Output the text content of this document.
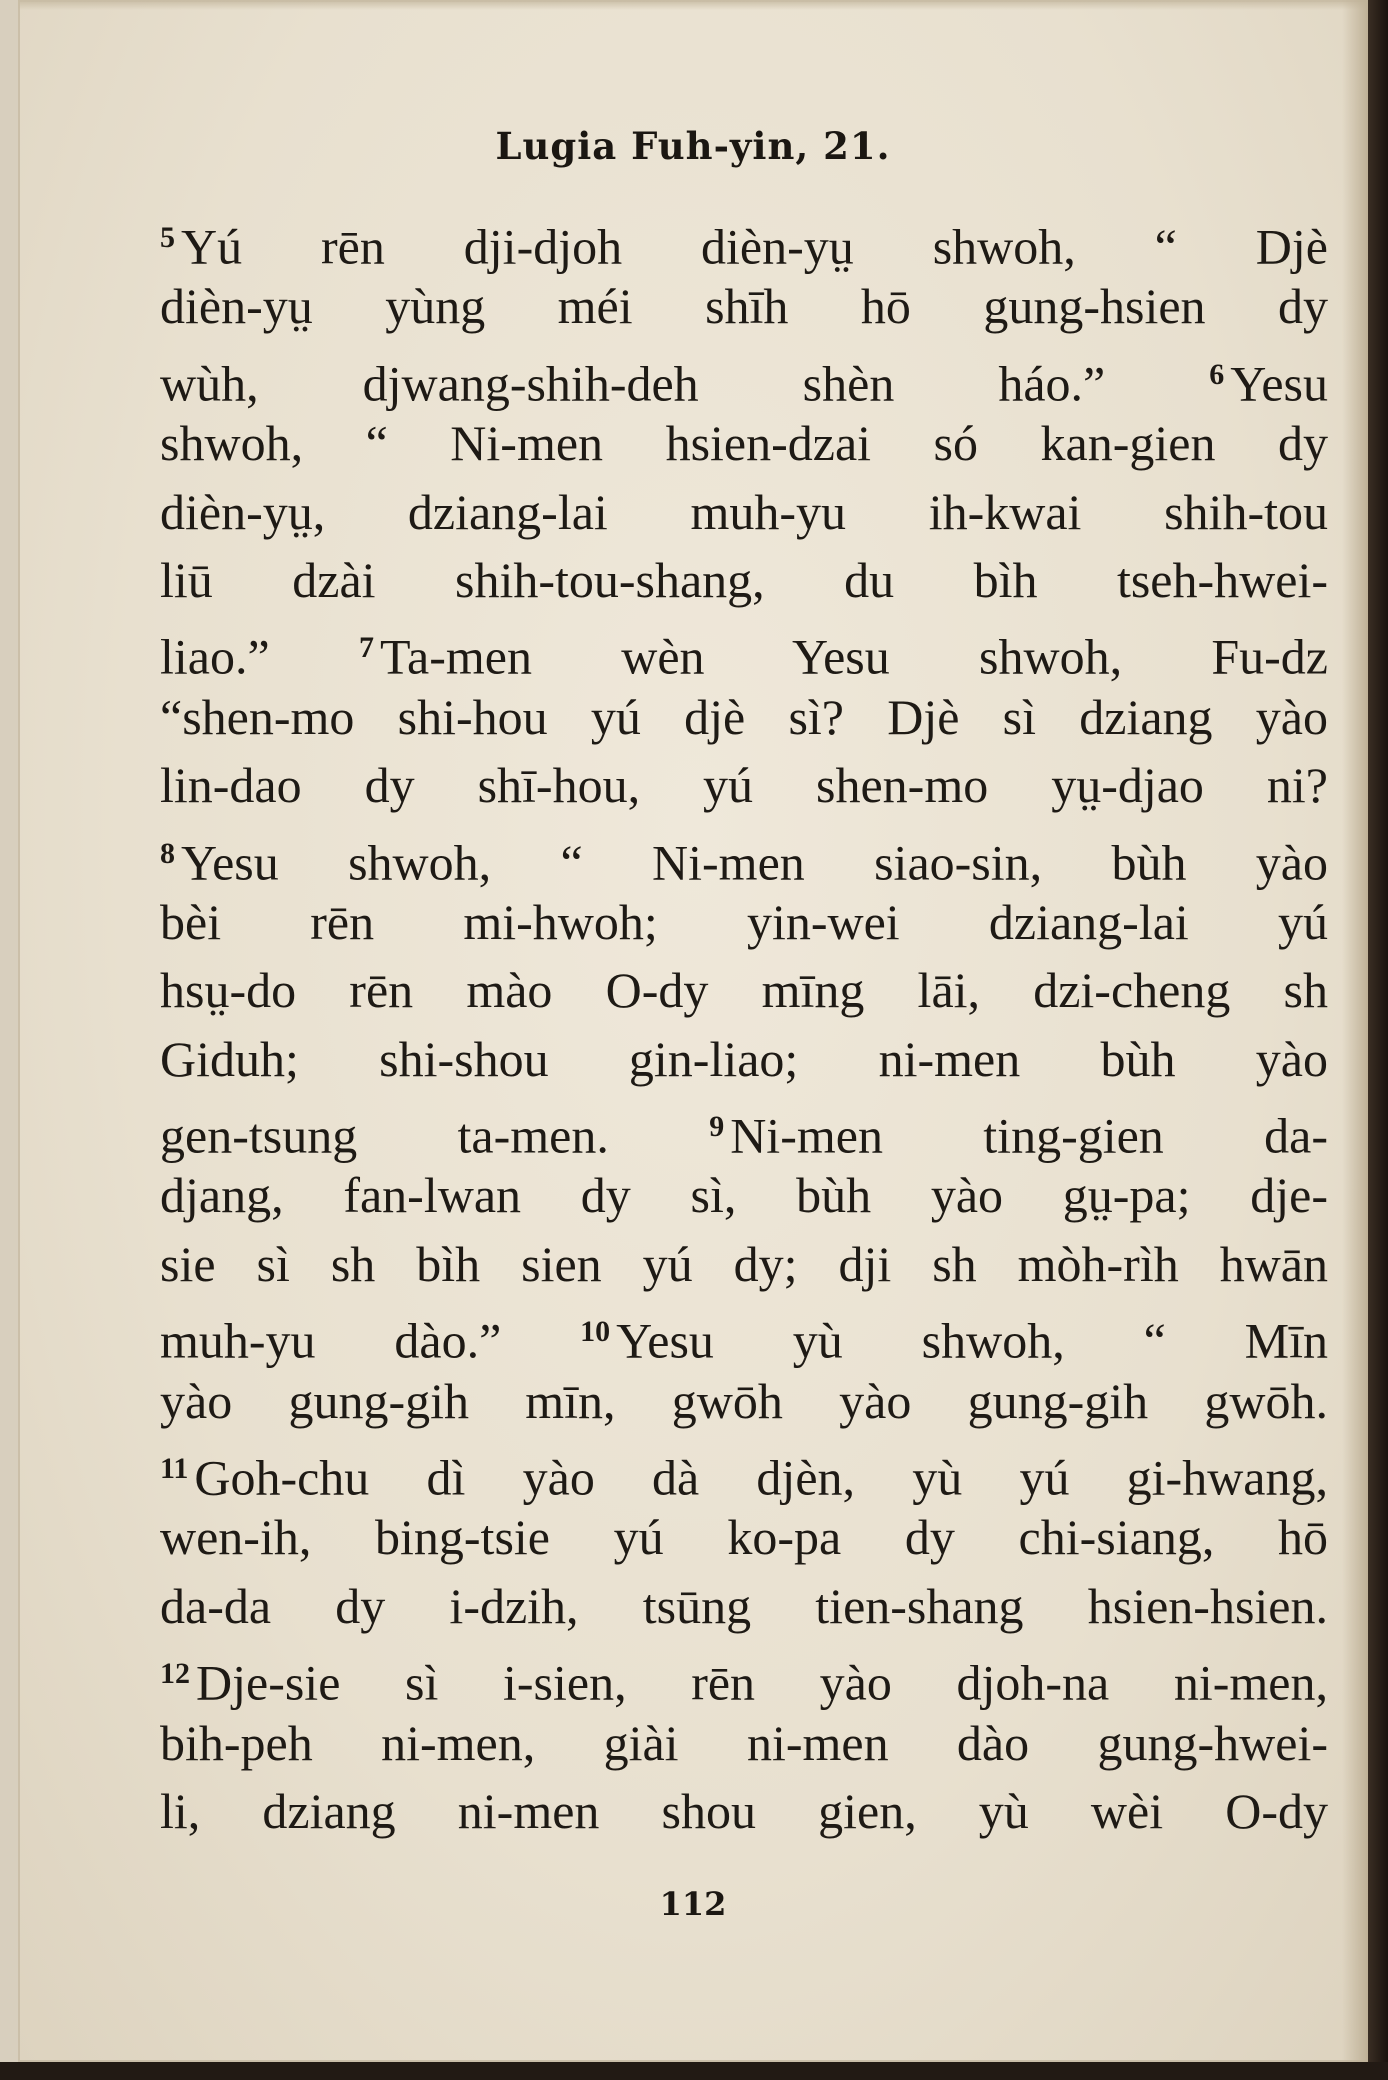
Lugia Fuh-yin, 21.
$^5$ Yú rēn dji-djoh dièn-yṳ shwoh, “ Djè
dièn-yṳ yùng méi shīh hō gung-hsien dy
wùh, djwang-shih-deh shèn háo.”	$^6$ Yesu
shwoh, “ Ni-men hsien-dzai só kan-gien dy
dièn-yṳ, dziang-lai muh-yu ih-kwai shih-tou
liū dzài shih-tou-shang, du bìh tseh-hwei-
liao.”	$^7$ Ta-men wèn Yesu shwoh, Fu-dz
“shen-mo shi-hou yú djè sì? Djè sì dziang yào
lin-dao dy shī-hou, yú shen-mo yṳ-djao ni?
$^8$ Yesu shwoh, “ Ni-men siao-sin, bùh yào
bèi rēn mi-hwoh; yin-wei dziang-lai yú
hsṳ-do rēn mào O-dy mīng lāi, dzi-cheng sh
Giduh; shi-shou gin-liao; ni-men bùh yào
gen-tsung ta-men.	$^9$ Ni-men ting-gien da-
djang, fan-lwan dy sì, bùh yào gṳ-pa; dje-
sie sì sh bìh sien yú dy; dji sh mòh-rìh hwān
muh-yu dào.”	$^{10}$ Yesu yù shwoh, “ Mīn
yào gung-gih mīn, gwōh yào gung-gih gwōh.
$^{11}$ Goh-chu dì yào dà djèn, yù yú gi-hwang,
wen-ih, bing-tsie yú ko-pa dy chi-siang, hō
da-da dy i-dzih, tsūng tien-shang hsien-hsien.
$^{12}$ Dje-sie sì i-sien, rēn yào djoh-na ni-men,
bih-peh ni-men, giài ni-men dào gung-hwei-
li, dziang ni-men shou gien, yù wèi O-dy
112
